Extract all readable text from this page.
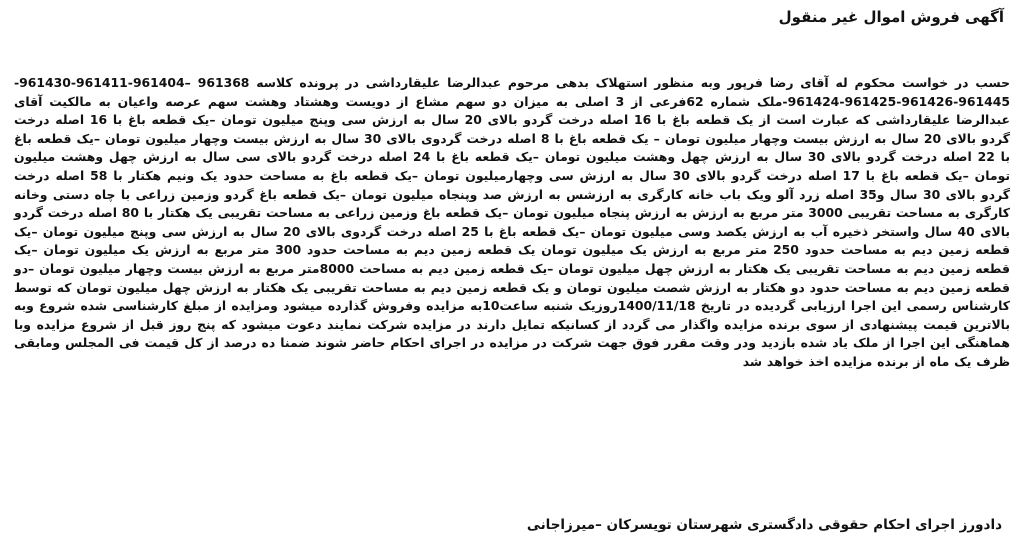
آگهی فروش اموال غیر منقول
حسب در خواست محکوم له آقای رضا فرپور وبه منظور استهلاک بدهی مرحوم عبدالرضا علیقارداشی در پرونده کلاسه 961368 –961404-961411-961430-961445-961426-961425-961424-ملک شماره 62فرعی از 3 اصلی به میزان دو سهم مشاع از دویست وهشتاد وهشت سهم عرصه واعیان به مالکیت آقای عبدالرضا علیقارداشی که عبارت است از یک قطعه باغ با 16 اصله درخت گردو بالای 20 سال به ارزش سی وپنج میلیون تومان –یک قطعه باغ با 16 اصله درخت گردو بالای 20 سال به ارزش بیست وچهار میلیون تومان – یک قطعه باغ با 8 اصله درخت گردوی بالای 30 سال به ارزش بیست وچهار میلیون تومان –یک قطعه باغ با 22 اصله درخت گردو بالای 30 سال به ارزش چهل وهشت میلیون تومان –یک قطعه باغ با 24 اصله درخت گردو بالای سی سال به ارزش چهل وهشت میلیون تومان –یک قطعه باغ با 17 اصله درخت گردو بالای 30 سال به ارزش سی وچهارمیلیون تومان –یک قطعه باغ به مساحت حدود یک ونیم هکتار با 58 اصله درخت گردو بالای 30 سال و35 اصله زرد آلو ویک باب خانه کارگری به ارزشس به ارزش صد وپنجاه میلیون تومان –یک قطعه باغ گردو وزمین زراعی با چاه دستی وخانه کارگری به مساحت تقریبی 3000 متر مربع به ارزش به ارزش پنجاه میلیون تومان –یک قطعه باغ وزمین زراعی به مساحت تقریبی یک هکتار با 80 اصله درخت گردو بالای 40 سال واستخر ذخیره آب به ارزش یکصد وسی میلیون تومان –یک قطعه باغ با 25 اصله درخت گردوی بالای 20 سال به ارزش سی وپنج میلیون تومان –یک قطعه زمین دیم به مساحت حدود 250 متر مربع به ارزش یک میلیون تومان یک قطعه زمین دیم به مساحت حدود 300 متر مربع به ارزش یک میلیون تومان –یک قطعه زمین دیم به مساحت تقریبی یک هکتار به ارزش چهل میلیون تومان –یک قطعه زمین دیم به مساحت 8000متر مربع به ارزش بیست وچهار میلیون تومان –دو قطعه زمین دیم به مساحت حدود دو هکتار به ارزش شصت میلیون تومان و یک قطعه زمین دیم به مساحت تقریبی یک هکتار به ارزش چهل میلیون تومان که توسط کارشناس رسمی این اجرا ارزیابی گردیده در تاریخ 1400/11/18روزیک شنبه ساعت10به مزایده وفروش گذارده میشود ومزایده از مبلغ کارشناسی شده شروع وبه بالاترین قیمت پیشنهادی از سوی برنده مزایده واگذار می گردد از کسانیکه تمایل دارند در مزایده شرکت نمایند دعوت میشود که پنج روز قبل از شروع مزایده وبا هماهنگی این اجرا از ملک یاد شده بازدید ودر وقت مقرر فوق جهت شرکت در مزایده در اجرای احکام حاضر شوند ضمنا ده درصد از کل قیمت فی المجلس ومابقی ظرف یک ماه از برنده مزایده اخذ خواهد شد
دادورز اجرای احکام حقوقی دادگستری شهرستان تویسرکان –میرزاجانی
